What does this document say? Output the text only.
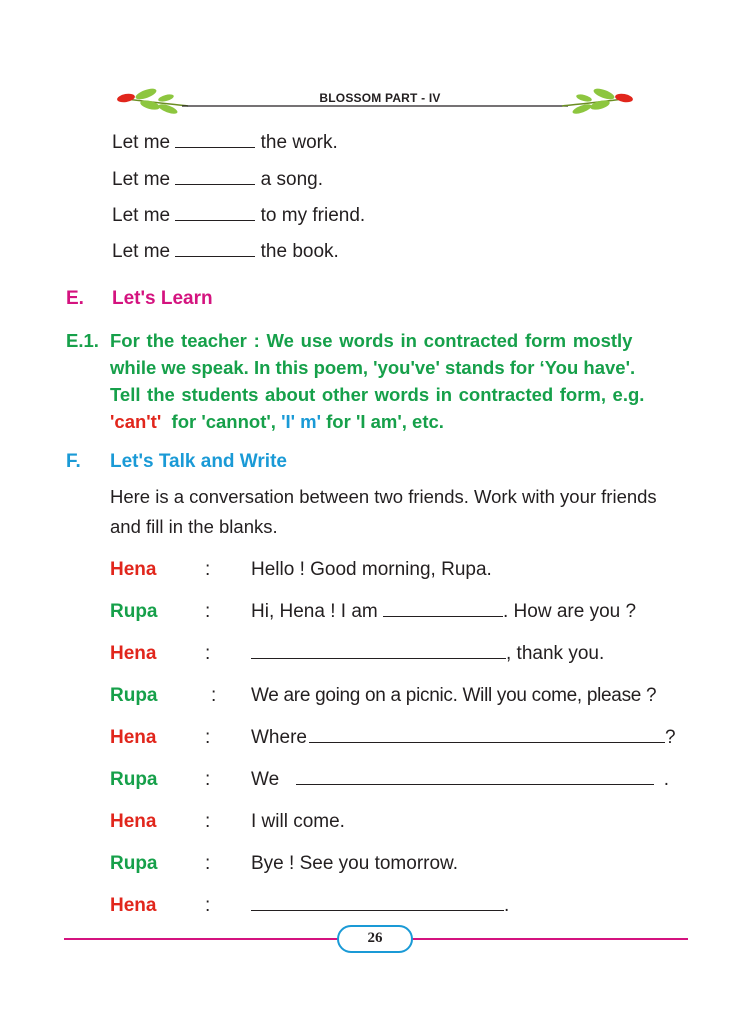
BLOSSOM PART - IV
Let me	the work.
Let me	a song.
Let me	to my friend.
Let me	the book.
E. Let's Learn
E.1. For the teacher : We use words in contracted form mostly
while we speak. In this poem, 'you've' stands for ‘You have'.
Tell the students about other words in contracted form, e.g.
'can't' for 'cannot', 'I' m' for 'I am', etc.
F. Let's Talk and Write
Here is a conversation between two friends. Work with your friends
and fill in the blanks.
Hena	: Hello ! Good morning, Rupa.
Rupa	: Hi, Hena ! I am	. How are you ?
Hena	:	, thank you.
Rupa	: We are going on a picnic. Will you come, please ?
Hena	: Where	?
Rupa	: We	.
Hena	: I will come.
Rupa	: Bye ! See you tomorrow.
Hena	:	.
26
